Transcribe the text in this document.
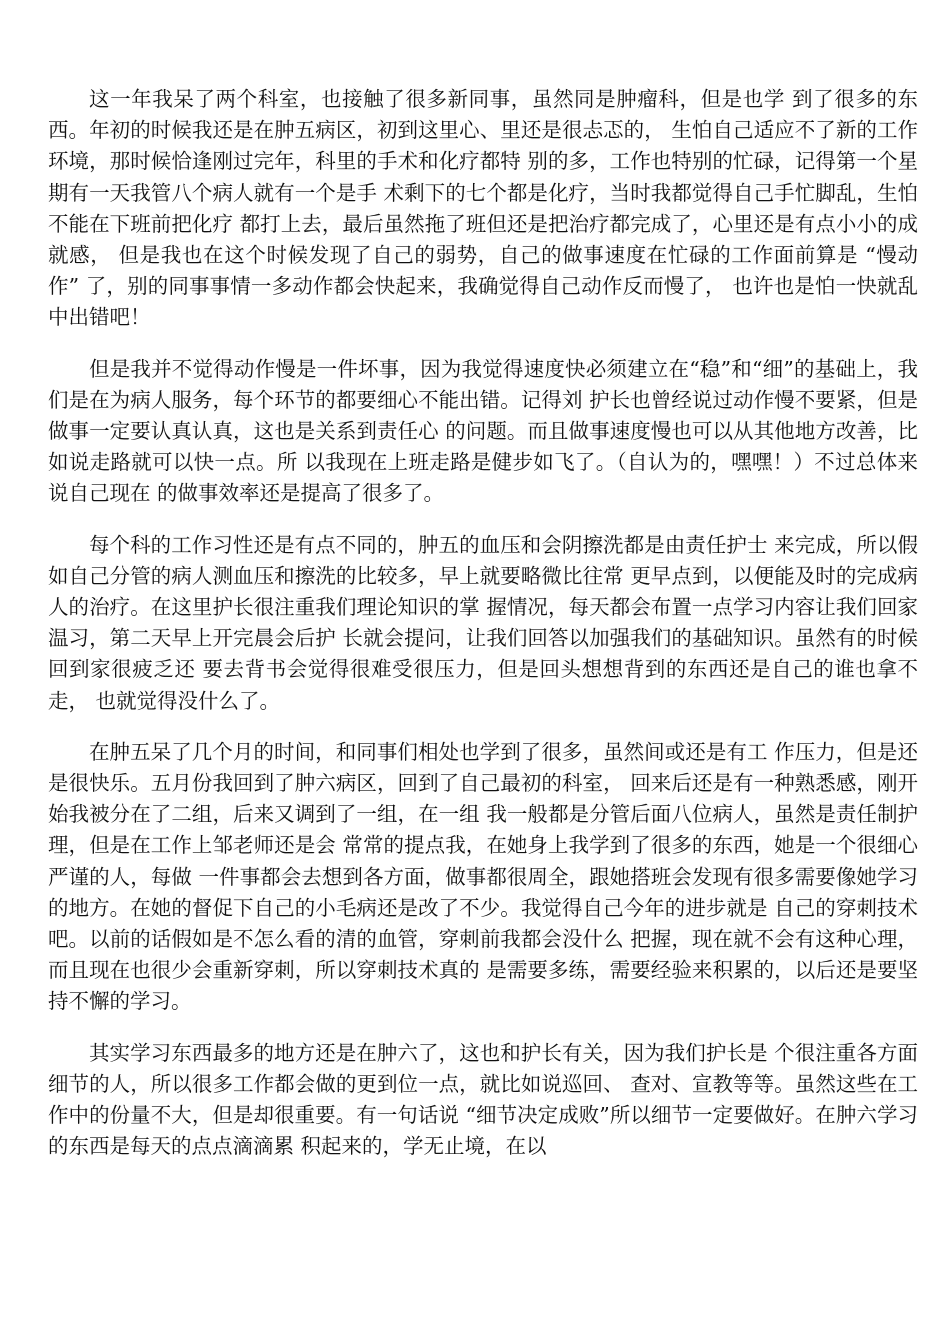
这一年我呆了两个科室，也接触了很多新同事，虽然同是肿瘤科，但是也学 到了很多的东西。年初的时候我还是在肿五病区，初到这里心、里还是很忐忑的， 生怕自己适应不了新的工作环境，那时候恰逢刚过完年，科里的手术和化疗都特 别的多，工作也特别的忙碌，记得第一个星期有一天我管八个病人就有一个是手 术剩下的七个都是化疗，当时我都觉得自己手忙脚乱，生怕不能在下班前把化疗 都打上去，最后虽然拖了班但还是把治疗都完成了，心里还是有点小小的成就感， 但是我也在这个时候发现了自己的弱势，自己的做事速度在忙碌的工作面前算是 “慢动作” 了，别的同事事情一多动作都会快起来，我确觉得自己动作反而慢了， 也许也是怕一快就乱中出错吧！

但是我并不觉得动作慢是一件坏事，因为我觉得速度快必须建立在“稳”和“细”的基础上，我们是在为病人服务，每个环节的都要细心不能出错。记得刘 护长也曾经说过动作慢不要紧，但是做事一定要认真认真，这也是关系到责任心 的问题。而且做事速度慢也可以从其他地方改善，比如说走路就可以快一点。所 以我现在上班走路是健步如飞了。（自认为的，嘿嘿！）不过总体来说自己现在 的做事效率还是提高了很多了。

每个科的工作习性还是有点不同的，肿五的血压和会阴擦洗都是由责任护士 来完成，所以假如自己分管的病人测血压和擦洗的比较多，早上就要略微比往常 更早点到，以便能及时的完成病人的治疗。在这里护长很注重我们理论知识的掌 握情况，每天都会布置一点学习内容让我们回家温习，第二天早上开完晨会后护 长就会提问，让我们回答以加强我们的基础知识。虽然有的时候回到家很疲乏还 要去背书会觉得很难受很压力，但是回头想想背到的东西还是自己的谁也拿不走， 也就觉得没什么了。

在肿五呆了几个月的时间，和同事们相处也学到了很多，虽然间或还是有工 作压力，但是还是很快乐。五月份我回到了肿六病区，回到了自己最初的科室， 回来后还是有一种熟悉感，刚开始我被分在了二组，后来又调到了一组，在一组 我一般都是分管后面八位病人，虽然是责任制护理，但是在工作上邹老师还是会 常常的提点我，在她身上我学到了很多的东西，她是一个很细心严谨的人，每做 一件事都会去想到各方面，做事都很周全，跟她搭班会发现有很多需要像她学习 的地方。在她的督促下自己的小毛病还是改了不少。我觉得自己今年的进步就是 自己的穿刺技术吧。以前的话假如是不怎么看的清的血管，穿刺前我都会没什么 把握，现在就不会有这种心理，而且现在也很少会重新穿刺，所以穿刺技术真的 是需要多练，需要经验来积累的，以后还是要坚持不懈的学习。

其实学习东西最多的地方还是在肿六了，这也和护长有关，因为我们护长是 个很注重各方面细节的人，所以很多工作都会做的更到位一点，就比如说巡回、 查对、宣教等等。虽然这些在工作中的份量不大，但是却很重要。有一句话说 “细节决定成败”所以细节一定要做好。在肿六学习的东西是每天的点点滴滴累 积起来的，学无止境，在以
